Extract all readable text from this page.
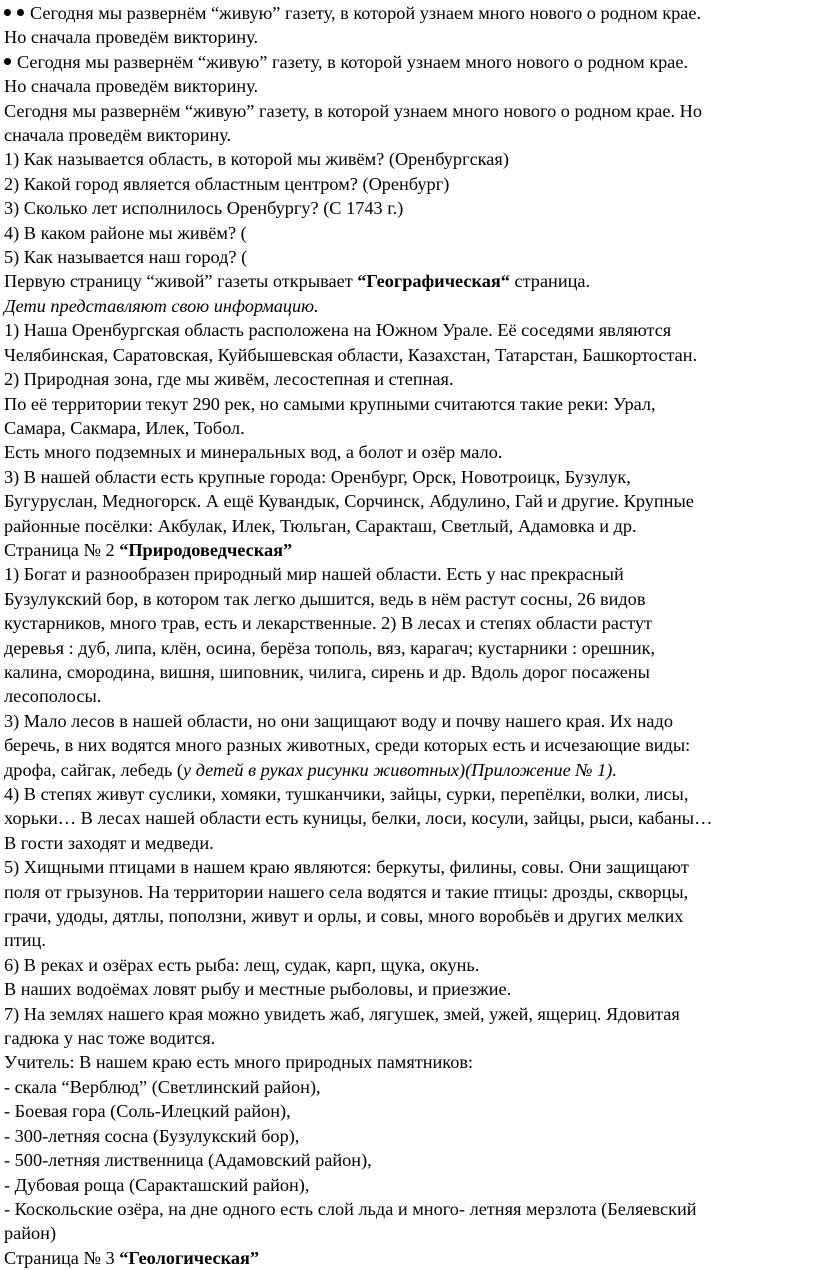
Сегодня мы развернём “живую” газету, в которой узнаем много нового о родном крае.
Но сначала проведём викторину.
Сегодня мы развернём “живую” газету, в которой узнаем много нового о родном крае.
Но сначала проведём викторину.
Сегодня мы развернём “живую” газету, в которой узнаем много нового о родном крае. Но
сначала проведём викторину.
1) Как называется область, в которой мы живём? (Оренбургская)
2) Какой город является областным центром? (Оренбург)
3) Сколько лет исполнилось Оренбургу? (С 1743 г.)
4) В каком районе мы живём? (
5) Как называется наш город? (
Первую страницу “живой” газеты открывает “Географическая“ страница.
Дети представляют свою информацию.
1) Наша Оренбургская область расположена на Южном Урале. Её соседями являются
Челябинская, Саратовская, Куйбышевская области, Казахстан, Татарстан, Башкортостан.
2) Природная зона, где мы живём, лесостепная и степная.
По её территории текут 290 рек, но самыми крупными считаются такие реки: Урал,
Самара, Сакмара, Илек, Тобол.
Есть много подземных и минеральных вод, а болот и озёр мало.
3) В нашей области есть крупные города: Оренбург, Орск, Новотроицк, Бузулук,
Бугуруслан, Медногорск. А ещё Кувандык, Сорчинск, Абдулино, Гай и другие. Крупные
районные посёлки: Акбулак, Илек, Тюльган, Саракташ, Светлый, Адамовка и др.
Страница № 2 “Природоведческая”
1) Богат и разнообразен природный мир нашей области. Есть у нас прекрасный
Бузулукский бор, в котором так легко дышится, ведь в нём растут сосны, 26 видов
кустарников, много трав, есть и лекарственные. 2) В лесах и степях области растут
деревья : дуб, липа, клён, осина, берёза тополь, вяз, карагач; кустарники : орешник,
калина, смородина, вишня, шиповник, чилига, сирень и др. Вдоль дорог посажены
лесополосы.
3) Мало лесов в нашей области, но они защищают воду и почву нашего края. Их надо
беречь, в них водятся много разных животных, среди которых есть и исчезающие виды:
дрофа, сайгак, лебедь (у детей в руках рисунки животных)(Приложение № 1).
4) В степях живут суслики, хомяки, тушканчики, зайцы, сурки, перепёлки, волки, лисы,
хорьки… В лесах нашей области есть куницы, белки, лоси, косули, зайцы, рыси, кабаны…
В гости заходят и медведи.
5) Хищными птицами в нашем краю являются: беркуты, филины, совы. Они защищают
поля от грызунов. На территории нашего села водятся и такие птицы: дрозды, скворцы,
грачи, удоды, дятлы, поползни, живут и орлы, и совы, много воробьёв и других мелких
птиц.
6) В реках и озёрах есть рыба: лещ, судак, карп, щука, окунь.
В наших водоёмах ловят рыбу и местные рыболовы, и приезжие.
7) На землях нашего края можно увидеть жаб, лягушек, змей, ужей, ящериц. Ядовитая
гадюка у нас тоже водится.
Учитель: В нашем краю есть много природных памятников:
- скала “Верблюд” (Светлинский район),
- Боевая гора (Соль-Илецкий район),
- 300-летняя сосна (Бузулукский бор),
- 500-летняя лиственница (Адамовский район),
- Дубовая роща (Саракташский район),
- Коскольские озёра, на дне одного есть слой льда и много- летняя мерзлота (Беляевский
район)
Страница № 3 “Геологическая”
